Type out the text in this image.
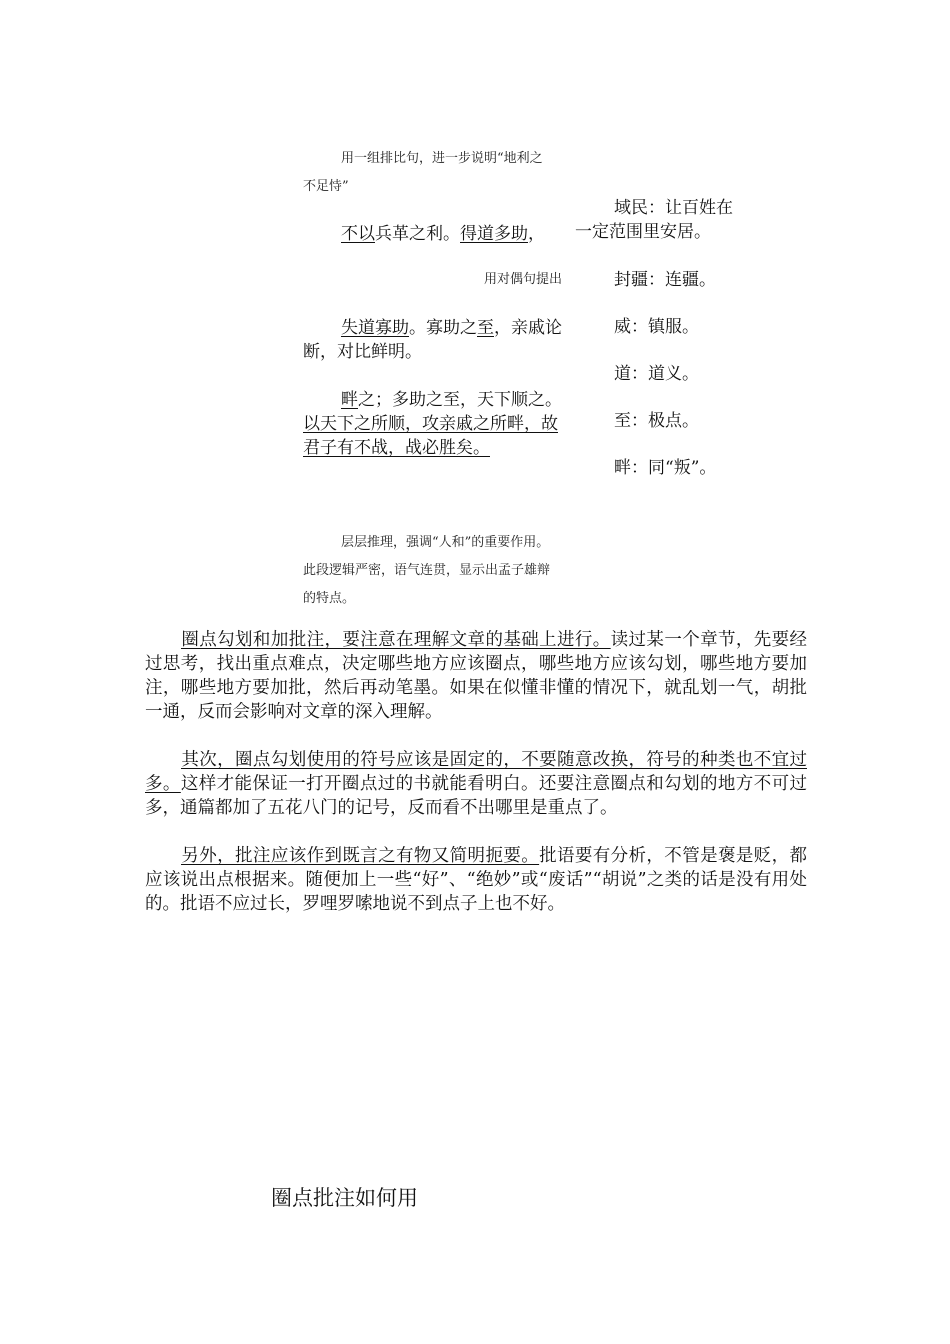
用一组排比句，进一步说明“地利之
不足恃”
不以兵革之利。得道多助，
用对偶句提出
失道寡助。寡助之至，亲戚论
断，对比鲜明。
畔之；多助之至，天下顺之。
以天下之所顺，攻亲戚之所畔，故
君子有不战，战必胜矣。
域民：让百姓在
一定范围里安居。
封疆：连疆。
威：镇服。
道：道义。
至：极点。
畔：同“叛”。
层层推理，强调“人和”的重要作用。
此段逻辑严密，语气连贯，显示出孟子雄辩
的特点。

圈点勾划和加批注，要注意在理解文章的基础上进行。读过某一个章节，先要经过思考，找出重点难点，决定哪些地方应该圈点，哪些地方应该勾划，哪些地方要加注，哪些地方要加批，然后再动笔墨。如果在似懂非懂的情况下，就乱划一气，胡批一通，反而会影响对文章的深入理解。

其次，圈点勾划使用的符号应该是固定的，不要随意改换，符号的种类也不宜过多。这样才能保证一打开圈点过的书就能看明白。还要注意圈点和勾划的地方不可过多，通篇都加了五花八门的记号，反而看不出哪里是重点了。

另外，批注应该作到既言之有物又简明扼要。批语要有分析，不管是褒是贬，都应该说出点根据来。随便加上一些“好”、“绝妙”或“废话”“胡说”之类的话是没有用处的。批语不应过长，罗哩罗嗦地说不到点子上也不好。

圈点批注如何用
